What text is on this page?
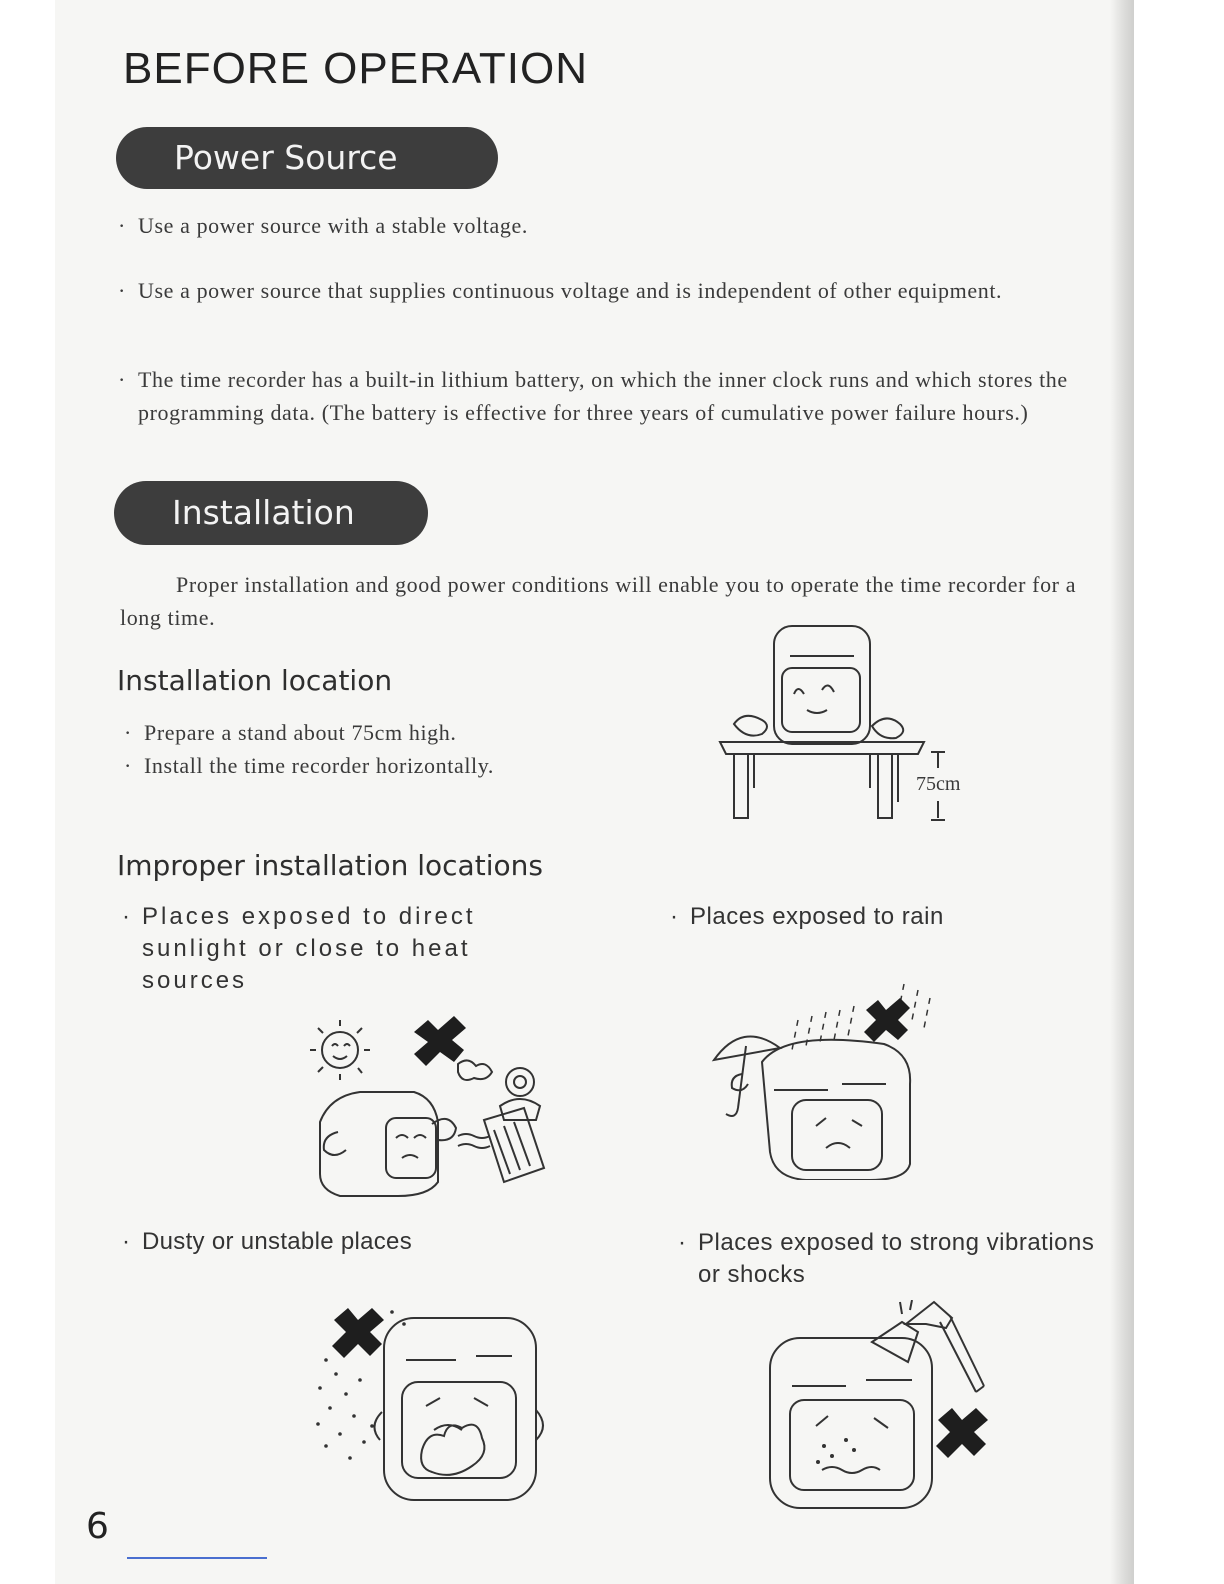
BEFORE OPERATION
Power Source
· Use a power source with a stable voltage.
· Use a power source that supplies continuous voltage and is independent of other equipment.
· The time recorder has a built-in lithium battery, on which the inner clock runs and which stores the programming data. (The battery is effective for three years of cumulative power failure hours.)
Installation
Proper installation and good power conditions will enable you to operate the time recorder for a long time.
Installation location
· Prepare a stand about 75cm high.
· Install the time recorder horizontally.
75cm
Improper installation locations
· Places exposed to direct sunlight or close to heat sources
· Places exposed to rain
· Dusty or unstable places	· Places exposed to strong vibrations or shocks
6
